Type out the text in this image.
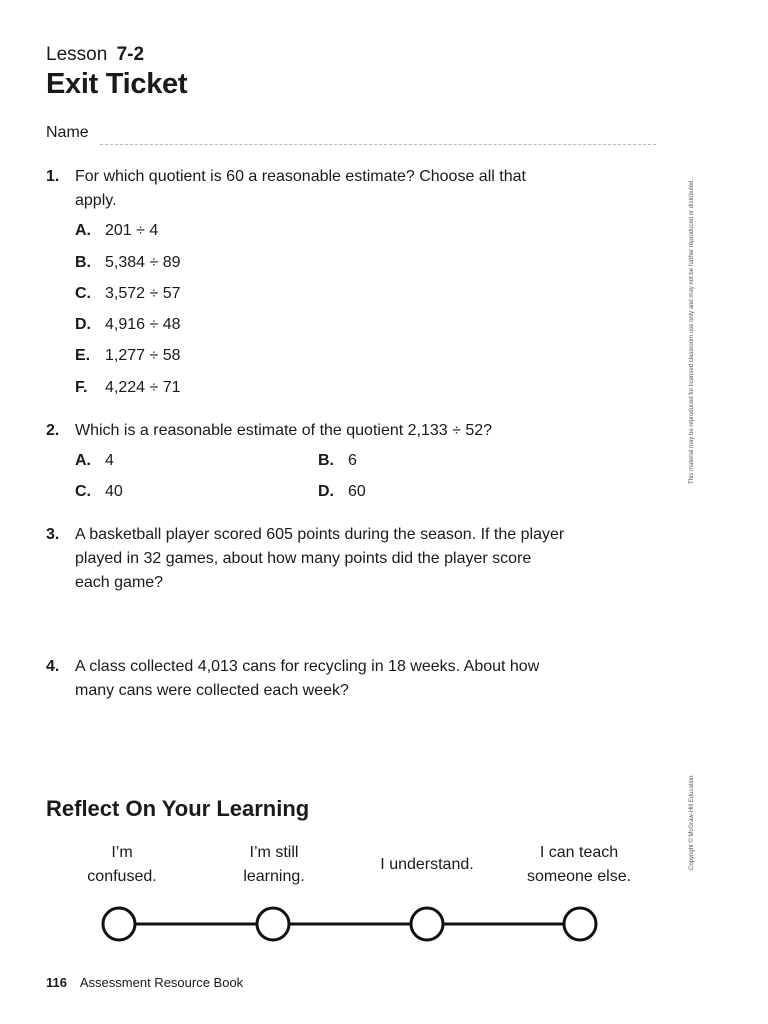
Lesson 7-2
Exit Ticket
Name
1. For which quotient is 60 a reasonable estimate? Choose all that apply.
A. 201 ÷ 4
B. 5,384 ÷ 89
C. 3,572 ÷ 57
D. 4,916 ÷ 48
E. 1,277 ÷ 58
F. 4,224 ÷ 71
2. Which is a reasonable estimate of the quotient 2,133 ÷ 52?
A. 4	B. 6
C. 40	D. 60
3. A basketball player scored 605 points during the season. If the player played in 32 games, about how many points did the player score each game?
4. A class collected 4,013 cans for recycling in 18 weeks. About how many cans were collected each week?
Reflect On Your Learning
I’m
confused.
I’m still
learning.
I understand.
I can teach
someone else.
116 Assessment Resource Book
This material may be reproduced for licensed classroom use only and may not be further reproduced or distributed.
Copyright © McGraw-Hill Education
